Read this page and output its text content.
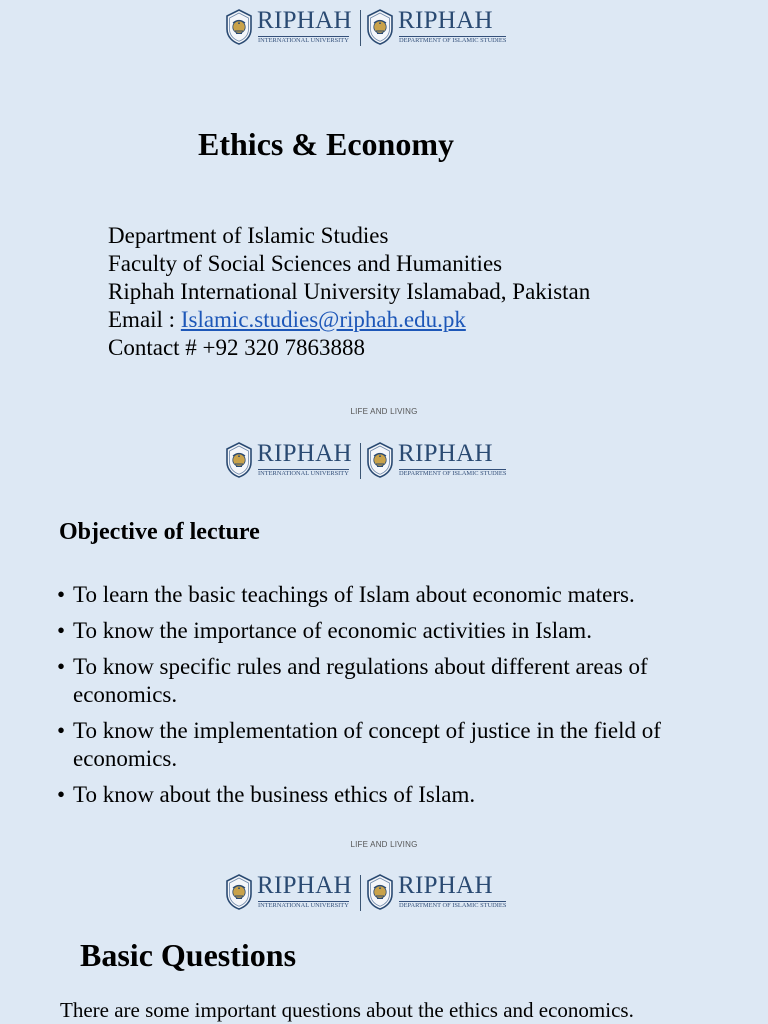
RIPHAH
INTERNATIONAL UNIVERSITY
RIPHAH
DEPARTMENT OF ISLAMIC STUDIES
Ethics & Economy
Department of Islamic Studies
Faculty of Social Sciences and Humanities
Riphah International University Islamabad, Pakistan
Email : Islamic.studies@riphah.edu.pk
Contact # +92 320 7863888
LIFE AND LIVING
RIPHAH
INTERNATIONAL UNIVERSITY
RIPHAH
DEPARTMENT OF ISLAMIC STUDIES
Objective of lecture
• To learn the basic teachings of Islam about economic maters.
• To know the importance of economic activities in Islam.
• To know specific rules and regulations about different areas of economics.
• To know the implementation of concept of justice in the field of economics.
• To know about the business ethics of Islam.
LIFE AND LIVING
RIPHAH
INTERNATIONAL UNIVERSITY
RIPHAH
DEPARTMENT OF ISLAMIC STUDIES
Basic Questions
There are some important questions about the ethics and economics.
